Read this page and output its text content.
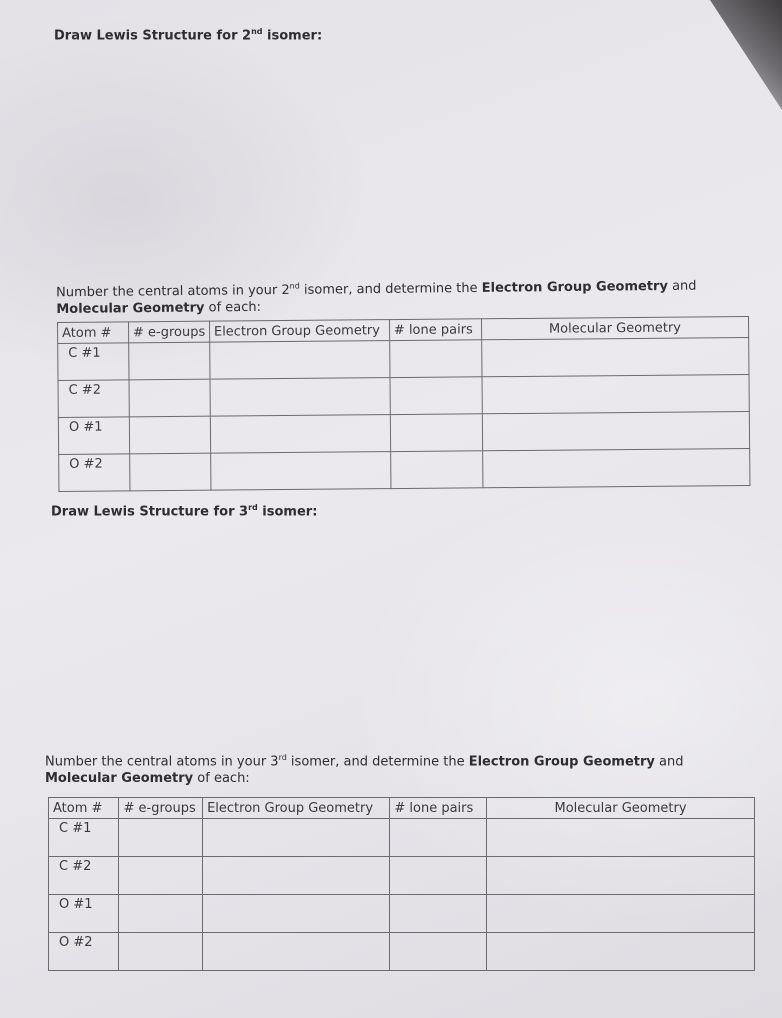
Draw Lewis Structure for 2nd isomer:
Number the central atoms in your 2nd isomer, and determine the Electron Group Geometry and
Molecular Geometry of each:
Atom #	# e-groups	Electron Group Geometry	# lone pairs	Molecular Geometry
C #1				
C #2				
O #1				
O #2				
Draw Lewis Structure for 3rd isomer:
Number the central atoms in your 3rd isomer, and determine the Electron Group Geometry and
Molecular Geometry of each:
Atom #	# e-groups	Electron Group Geometry	# lone pairs	Molecular Geometry
C #1				
C #2				
O #1				
O #2				
